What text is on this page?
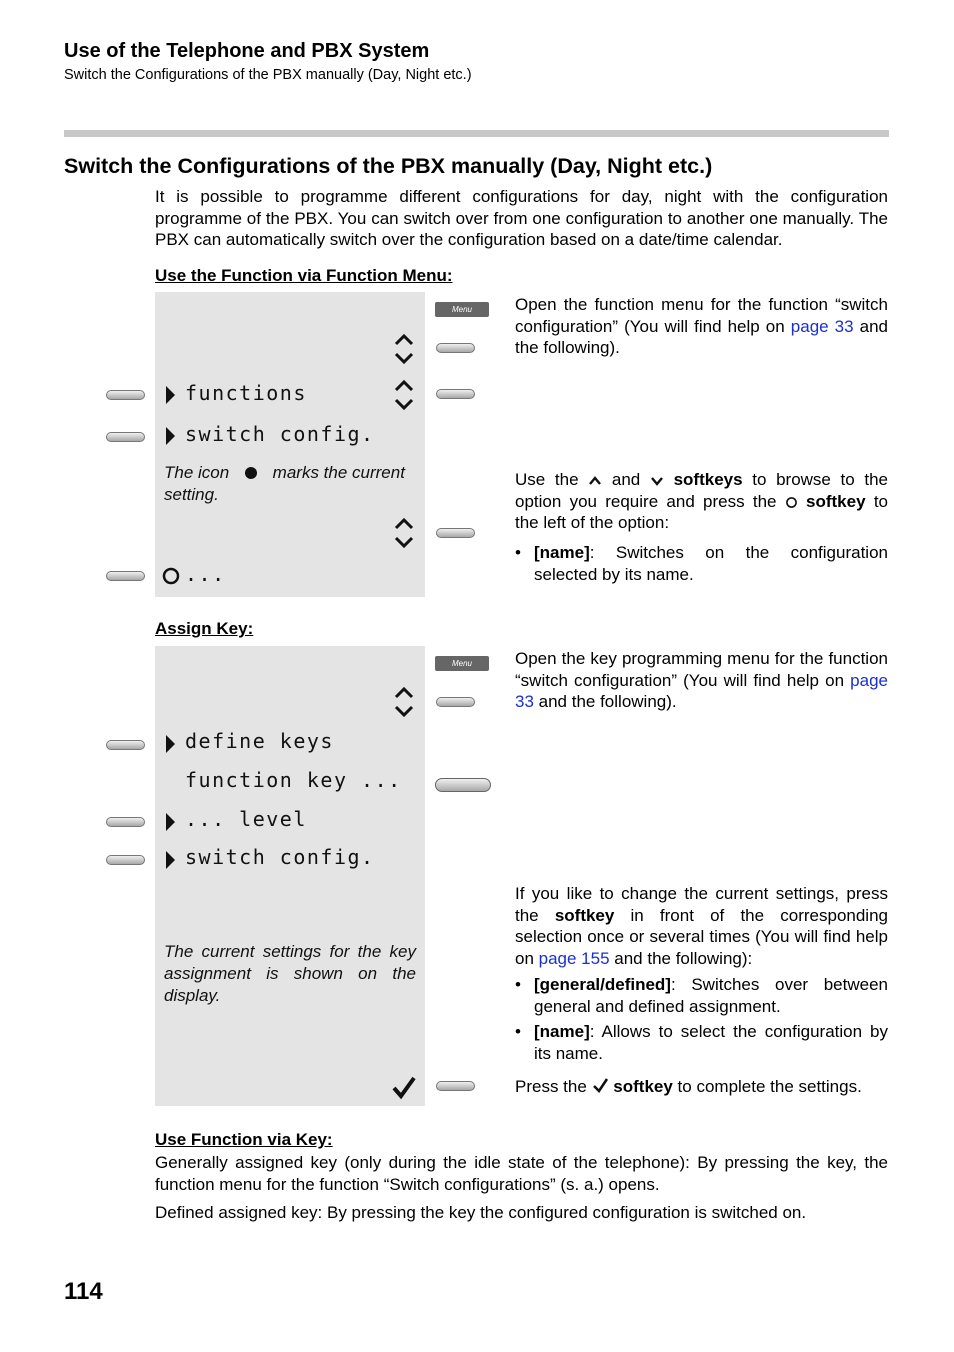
Use of the Telephone and PBX System
Switch the Configurations of the PBX manually (Day, Night etc.)
Switch the Configurations of the PBX manually (Day, Night etc.)
It is possible to programme different configurations for day, night with the configuration programme of the PBX. You can switch over from one configuration to another one manually. The PBX can automatically switch over the configuration based on a date/time calendar.
Use the Function via Function Menu:
functions
switch config.
The icon	marks the current setting.
...
Menu	Open the function menu for the function “switch configuration” (You will find help on page 33 and the following).
Use the and softkeys to browse to the option you require and press the softkey to the left of the option:
• [name]: Switches on the configuration selected by its name.
Assign Key:
define keys
function key ...
... level
switch config.
The current settings for the key assignment is shown on the display.
Menu	Open the key programming menu for the function “switch configuration” (You will find help on page 33 and the following).
If you like to change the current settings, press the softkey in front of the corresponding selection once or several times (You will find help on page 155 and the following):
• [general/defined]: Switches over between general and defined assignment.
• [name]: Allows to select the configuration by its name.
Press the softkey to complete the settings.
Use Function via Key:
Generally assigned key (only during the idle state of the telephone): By pressing the key, the function menu for the function “Switch configurations” (s. a.) opens.
Defined assigned key: By pressing the key the configured configuration is switched on.
114
